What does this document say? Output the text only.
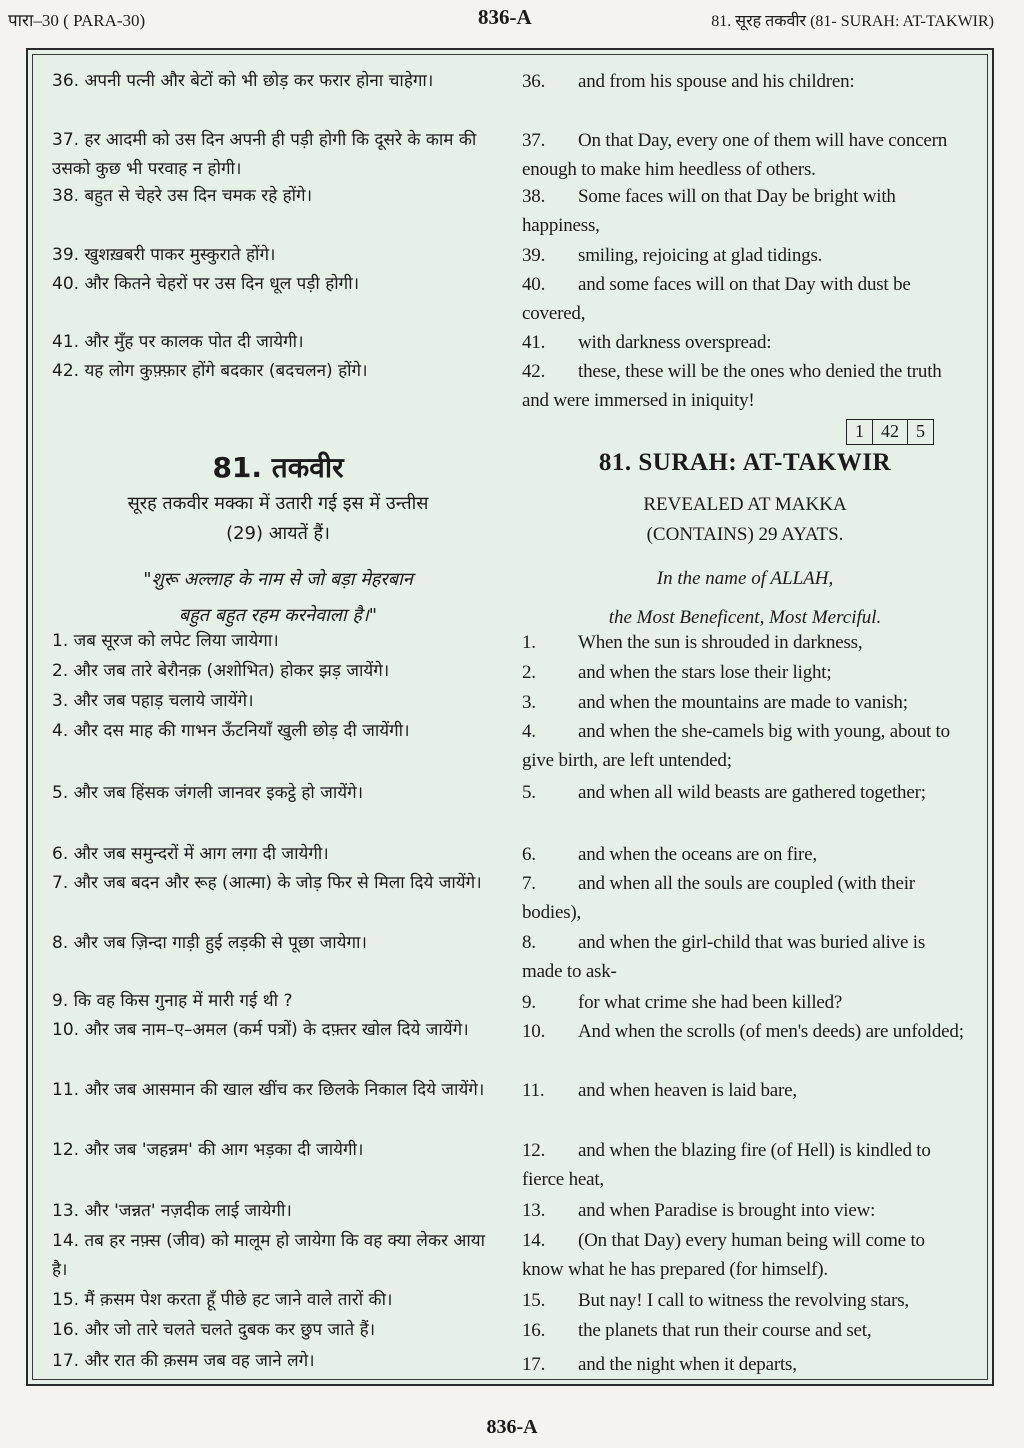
पारा–30 ( PARA-30)	836-A	81. सूरह तकवीर (81- SURAH: AT-TAKWIR)
36. अपनी पत्नी और बेटों को भी छोड़ कर फरार होना चाहेगा।
37. हर आदमी को उस दिन अपनी ही पड़ी होगी कि दूसरे के काम की उसको कुछ भी परवाह न होगी।
38. बहुत से चेहरे उस दिन चमक रहे होंगे।
39. खुशख़बरी पाकर मुस्कुराते होंगे।
40. और कितने चेहरों पर उस दिन धूल पड़ी होगी।
41. और मुँह पर कालक पोत दी जायेगी।
42. यह लोग कुफ़्फ़ार होंगे बदकार (बदचलन) होंगे।
36.	and from his spouse and his children:
37.	On that Day, every one of them will have concern enough to make him heedless of others.
38.	Some faces will on that Day be bright with happiness,
39.	smiling, rejoicing at glad tidings.
40.	and some faces will on that Day with dust be covered,
41.	with darkness overspread:
42.	these, these will be the ones who denied the truth and were immersed in iniquity!
1 42 5
81. तकवीर
सूरह तकवीर मक्का में उतारी गई इस में उन्तीस
(29) आयतें हैं।
"शुरू अल्लाह के नाम से जो बड़ा मेहरबान
बहुत बहुत रहम करनेवाला है।"
81. SURAH: AT-TAKWIR
REVEALED AT MAKKA
(CONTAINS) 29 AYATS.
In the name of ALLAH,
the Most Beneficent, Most Merciful.
1. जब सूरज को लपेट लिया जायेगा।
2. और जब तारे बेरौनक़ (अशोभित) होकर झड़ जायेंगे।
3. और जब पहाड़ चलाये जायेंगे।
4. और दस माह की गाभन ऊँटनियाँ खुली छोड़ दी जायेंगी।
5. और जब हिंसक जंगली जानवर इकट्ठे हो जायेंगे।
6. और जब समुन्दरों में आग लगा दी जायेगी।
7. और जब बदन और रूह (आत्मा) के जोड़ फिर से मिला दिये जायेंगे।
8. और जब ज़िन्दा गाड़ी हुई लड़की से पूछा जायेगा।
9. कि वह किस गुनाह में मारी गई थी ?
10. और जब नाम–ए–अमल (कर्म पत्रों) के दफ़्तर खोल दिये जायेंगे।
11. और जब आसमान की खाल खींच कर छिलके निकाल दिये जायेंगे।
12. और जब 'जहन्नम' की आग भड़का दी जायेगी।
13. और 'जन्नत' नज़दीक लाई जायेगी।
14. तब हर नफ़्स (जीव) को मालूम हो जायेगा कि वह क्या लेकर आया है।
15. मैं क़सम पेश करता हूँ पीछे हट जाने वाले तारों की।
16. और जो तारे चलते चलते दुबक कर छुप जाते हैं।
17. और रात की क़सम जब वह जाने लगे।
1.	When the sun is shrouded in darkness,
2.	and when the stars lose their light;
3.	and when the mountains are made to vanish;
4.	and when the she-camels big with young, about to give birth, are left untended;
5.	and when all wild beasts are gathered together;
6.	and when the oceans are on fire,
7.	and when all the souls are coupled (with their bodies),
8.	and when the girl-child that was buried alive is made to ask-
9.	for what crime she had been killed?
10.	And when the scrolls (of men's deeds) are unfolded;
11.	and when heaven is laid bare,
12.	and when the blazing fire (of Hell) is kindled to fierce heat,
13.	and when Paradise is brought into view:
14.	(On that Day) every human being will come to know what he has prepared (for himself).
15.	But nay! I call to witness the revolving stars,
16.	the planets that run their course and set,
17.	and the night when it departs,
836-A
